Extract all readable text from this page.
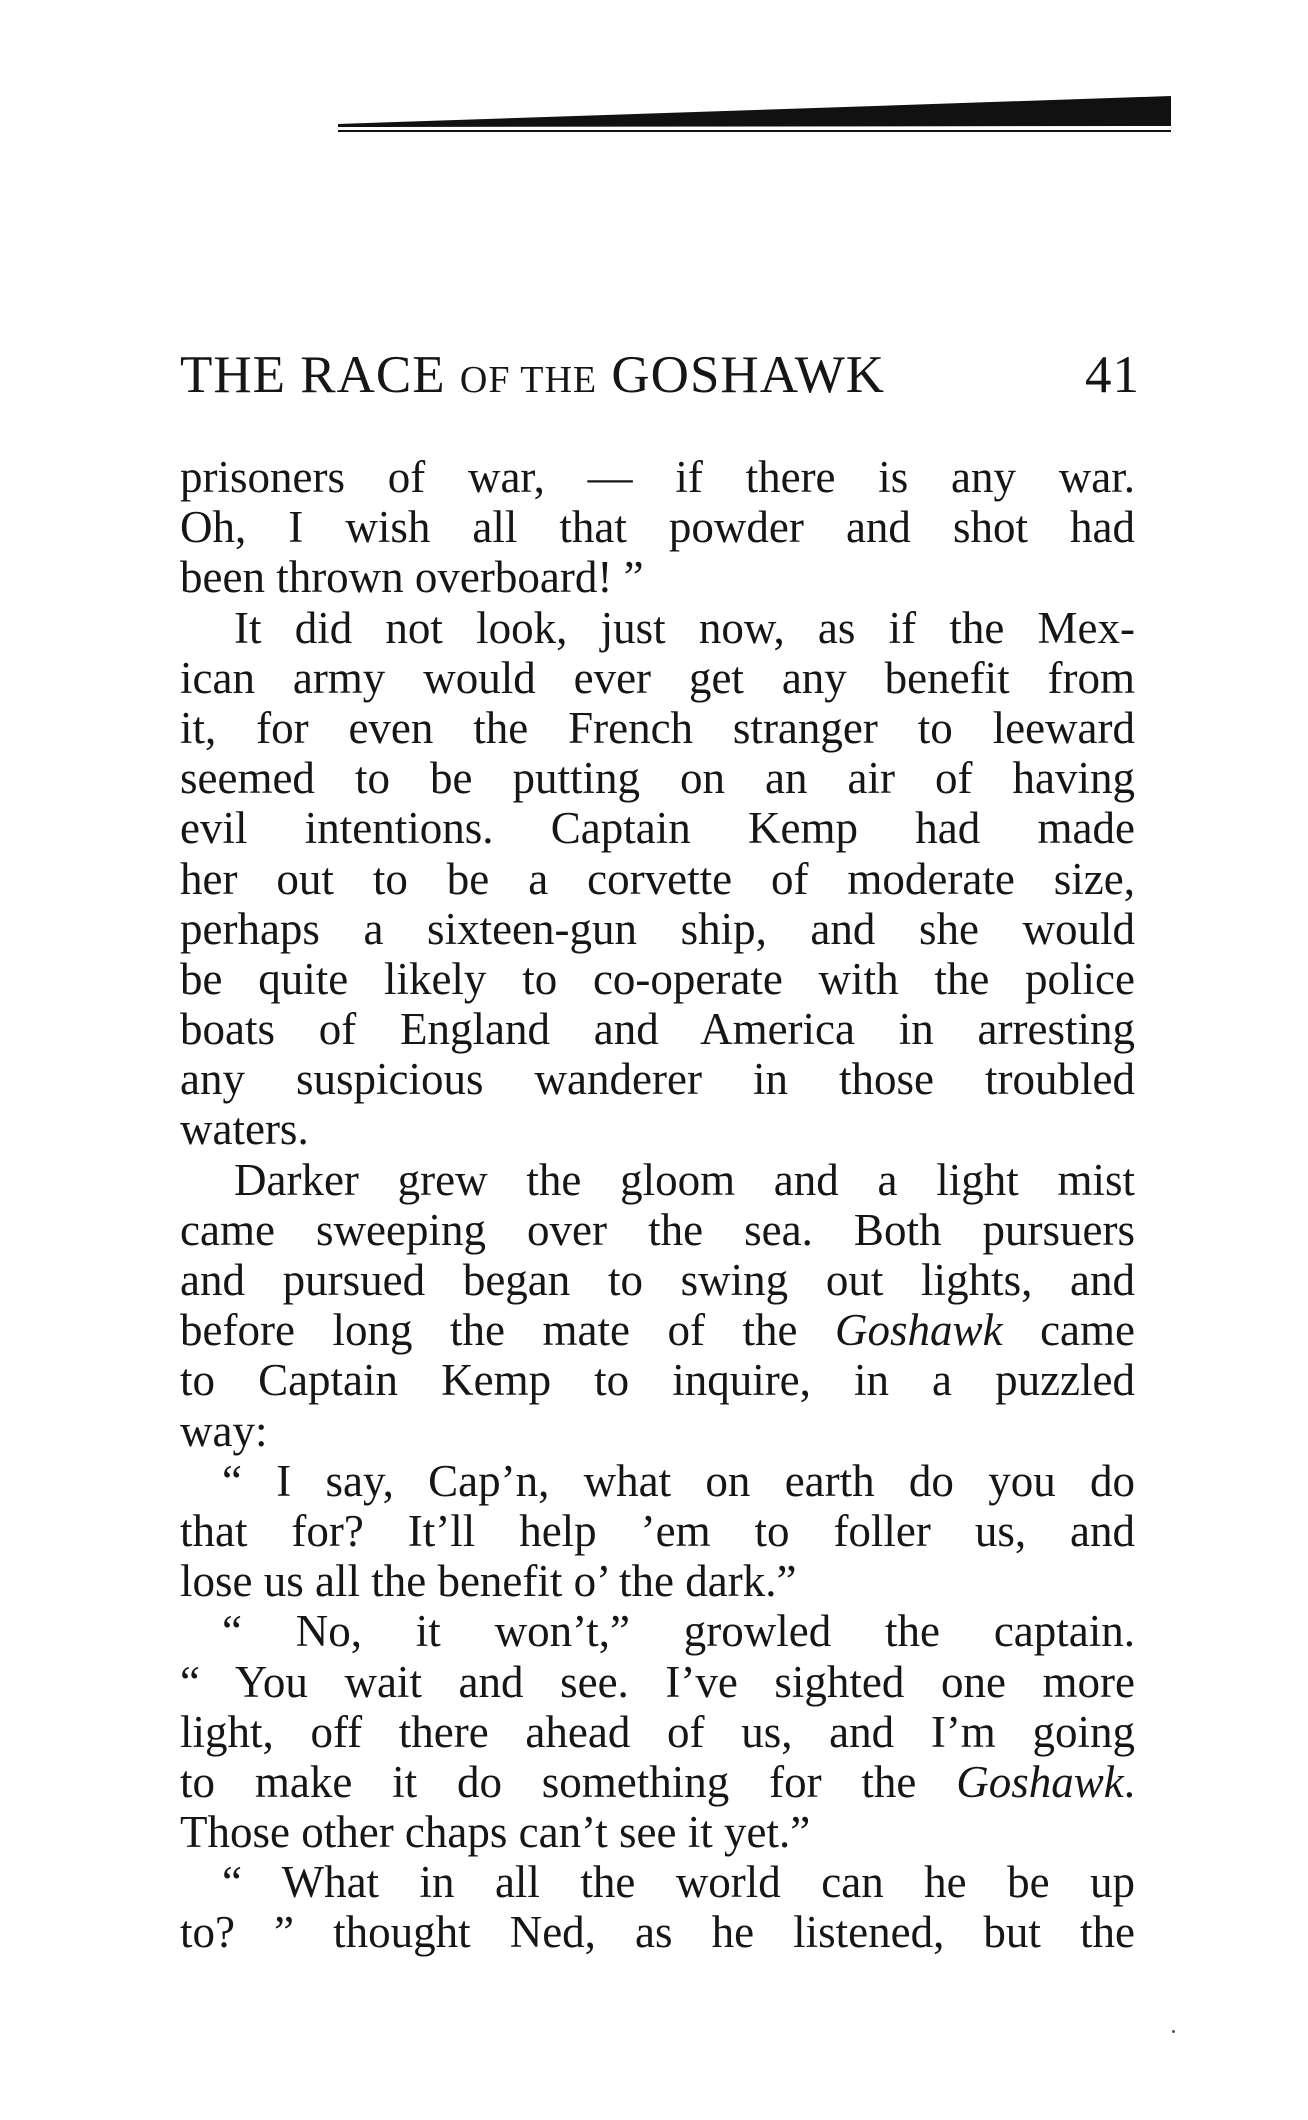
THE RACE OF THE GOSHAWK	41
prisoners of war, — if there is any war.
Oh, I wish all that powder and shot had
been thrown overboard! ”
It did not look, just now, as if the Mex-
ican army would ever get any benefit from
it, for even the French stranger to leeward
seemed to be putting on an air of having
evil intentions. Captain Kemp had made
her out to be a corvette of moderate size,
perhaps a sixteen-gun ship, and she would
be quite likely to co-operate with the police
boats of England and America in arresting
any suspicious wanderer in those troubled
waters.
Darker grew the gloom and a light mist
came sweeping over the sea. Both pursuers
and pursued began to swing out lights, and
before long the mate of the Goshawk came
to Captain Kemp to inquire, in a puzzled
way:
“ I say, Cap’n, what on earth do you do
that for? It’ll help ’em to foller us, and
lose us all the benefit o’ the dark.”
“ No, it won’t,” growled the captain.
“ You wait and see. I’ve sighted one more
light, off there ahead of us, and I’m going
to make it do something for the Goshawk.
Those other chaps can’t see it yet.”
“ What in all the world can he be up
to? ” thought Ned, as he listened, but the
